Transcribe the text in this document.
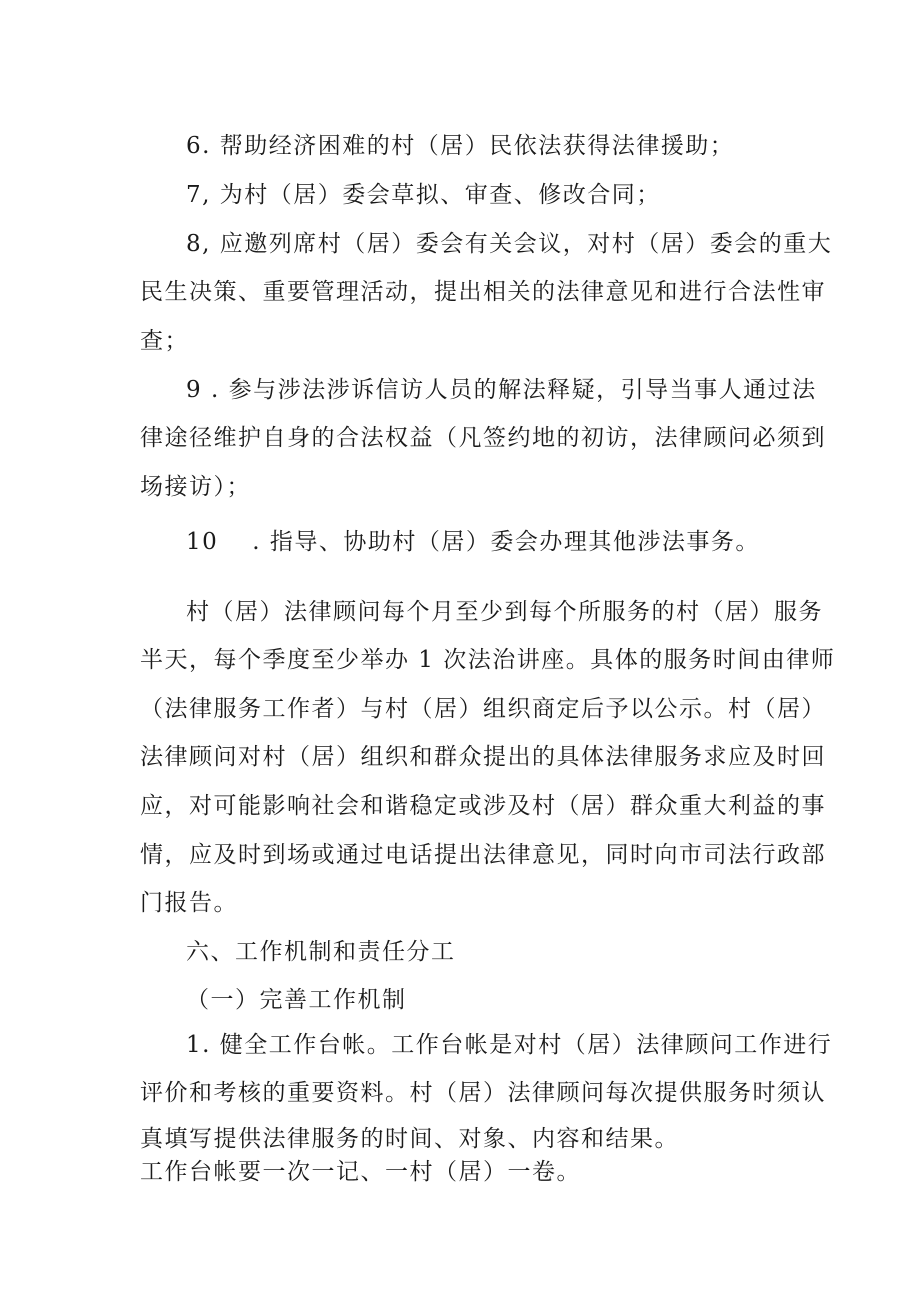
6. 帮助经济困难的村（居）民依法获得法律援助；
7, 为村（居）委会草拟、审查、修改合同；
8, 应邀列席村（居）委会有关会议，对村（居）委会的重大
民生决策、重要管理活动，提出相关的法律意见和进行合法性审
查；
9 . 参与涉法涉诉信访人员的解法释疑，引导当事人通过法
律途径维护自身的合法权益（凡签约地的初访，法律顾问必须到
场接访）；
10 . 指导、协助村（居）委会办理其他涉法事务。
村（居）法律顾问每个月至少到每个所服务的村（居）服务
半天，每个季度至少举办 1 次法治讲座。具体的服务时间由律师
（法律服务工作者）与村（居）组织商定后予以公示。村（居）
法律顾问对村（居）组织和群众提出的具体法律服务求应及时回
应，对可能影响社会和谐稳定或涉及村（居）群众重大利益的事
情，应及时到场或通过电话提出法律意见，同时向市司法行政部
门报告。
六、工作机制和责任分工
（一）完善工作机制
1. 健全工作台帐。工作台帐是对村（居）法律顾问工作进行
评价和考核的重要资料。村（居）法律顾问每次提供服务时须认
真填写提供法律服务的时间、对象、内容和结果。
工作台帐要一次一记、一村（居）一卷。
